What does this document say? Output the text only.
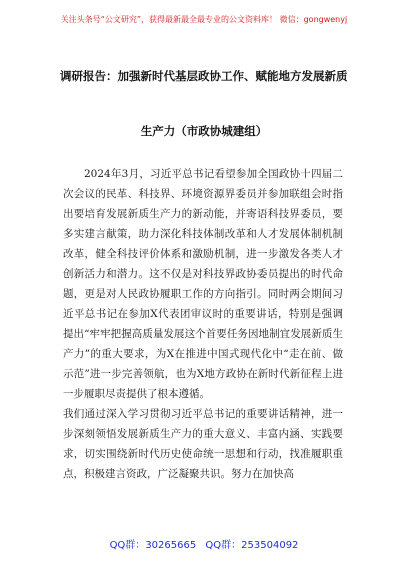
关注头条号“公文研究”，获得最新最全最专业的公文资料库！ 微信：gongwenyj
调研报告：加强新时代基层政协工作、赋能地方发展新质
生产力（市政协城建组）

2024年3月，习近平总书记看望参加全国政协十四届二次会议的民革、科技界、环境资源界委员并参加联组会时指出要培育发展新质生产力的新动能，并寄语科技界委员，要多实建言献策，助力深化科技体制改革和人才发展体制机制改革，健全科技评价体系和激励机制，进一步激发各类人才创新活力和潜力。这不仅是对科技界政协委员提出的时代命题，更是对人民政协履职工作的方向指引。同时两会期间习近平总书记在参加X代表团审议时的重要讲话，特别是强调提出“牢牢把握高质量发展这个首要任务因地制宜发展新质生产力”的重大要求，为X在推进中国式现代化中“走在前、做示范”进一步完善领航，也为X地方政协在新时代新征程上进一步履职尽责提供了根本遵循。

我们通过深入学习贯彻习近平总书记的重要讲话精神，进一步深刻领悟发展新质生产力的重大意义、丰富内涵、实践要求，切实围绕新时代历史使命统一思想和行动，找准履职重点，积极建言资政，广泛凝聚共识。努力在加快高

QQ群：30265665 QQ群：253504092
